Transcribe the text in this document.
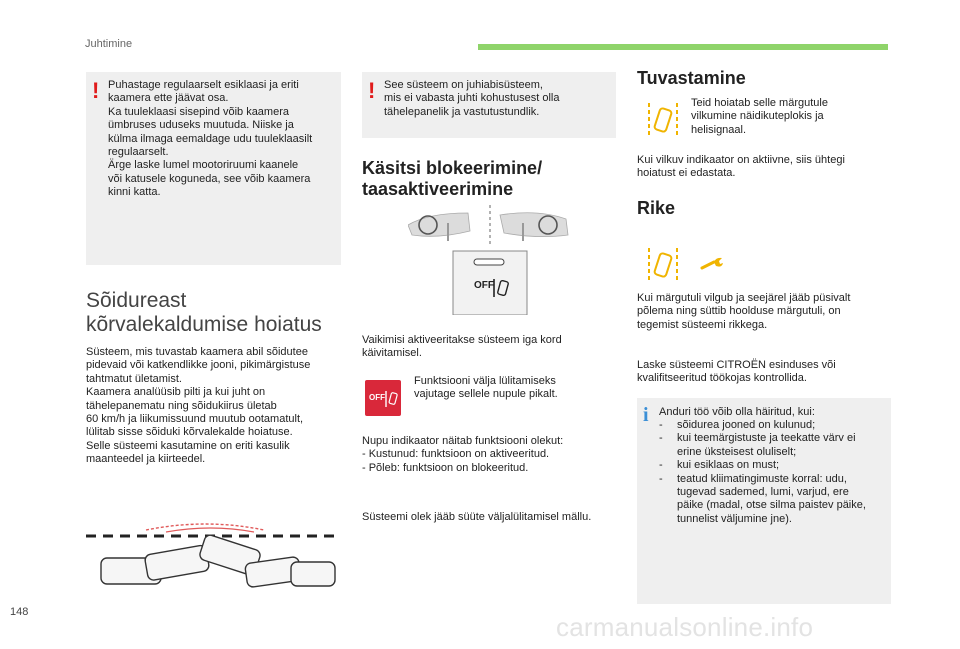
Juhtimine
! Puhastage regulaarselt esiklaasi ja eriti
kaamera ette jäävat osa.
Ka tuuleklaasi sisepind võib kaamera
ümbruses uduseks muutuda. Niiske ja
külma ilmaga eemaldage udu tuuleklaasilt
regulaarselt.
Ärge laske lumel mootoriruumi kaanele
või katusele koguneda, see võib kaamera
kinni katta.
Sõidureast
kõrvalekaldumise hoiatus
Süsteem, mis tuvastab kaamera abil sõidutee
pidevaid või katkendlikke jooni, pikimärgistuse
tahtmatut ületamist.
Kaamera analüüsib pilti ja kui juht on
tähelepanematu ning sõidukiirus ületab
60 km/h ja liikumissuund muutub ootamatult,
lülitab sisse sõiduki kõrvalekalde hoiatuse.
Selle süsteemi kasutamine on eriti kasulik
maanteedel ja kiirteedel.
! See süsteem on juhiabisüsteem,
mis ei vabasta juhti kohustusest olla
tähelepanelik ja vastutustundlik.
Käsitsi blokeerimine/
taasaktiveerimine
OFF
Vaikimisi aktiveeritakse süsteem iga kord
käivitamisel.
OFF
Funktsiooni välja lülitamiseks
vajutage sellele nupule pikalt.
Nupu indikaator näitab funktsiooni olekut:
- Kustunud: funktsioon on aktiveeritud.
- Põleb: funktsioon on blokeeritud.
Süsteemi olek jääb süüte väljalülitamisel mällu.
Tuvastamine
Teid hoiatab selle märgutule
vilkumine näidikuteplokis ja
helisignaal.
Kui vilkuv indikaator on aktiivne, siis ühtegi
hoiatust ei edastata.
Rike
Kui märgutuli vilgub ja seejärel jääb püsivalt
põlema ning süttib hoolduse märgutuli, on
tegemist süsteemi rikkega.
Laske süsteemi CITROËN esinduses või
kvalifitseeritud töökojas kontrollida.
i Anduri töö võib olla häiritud, kui:
-	sõidurea jooned on kulunud;
-	kui teemärgistuste ja teekatte värv ei
erine üksteisest oluliselt;
-	kui esiklaas on must;
-	teatud kliimatingimuste korral: udu,
tugevad sademed, lumi, varjud, ere
päike (madal, otse silma paistev päike,
tunnelist väljumine jne).
148	carmanualsonline.info
